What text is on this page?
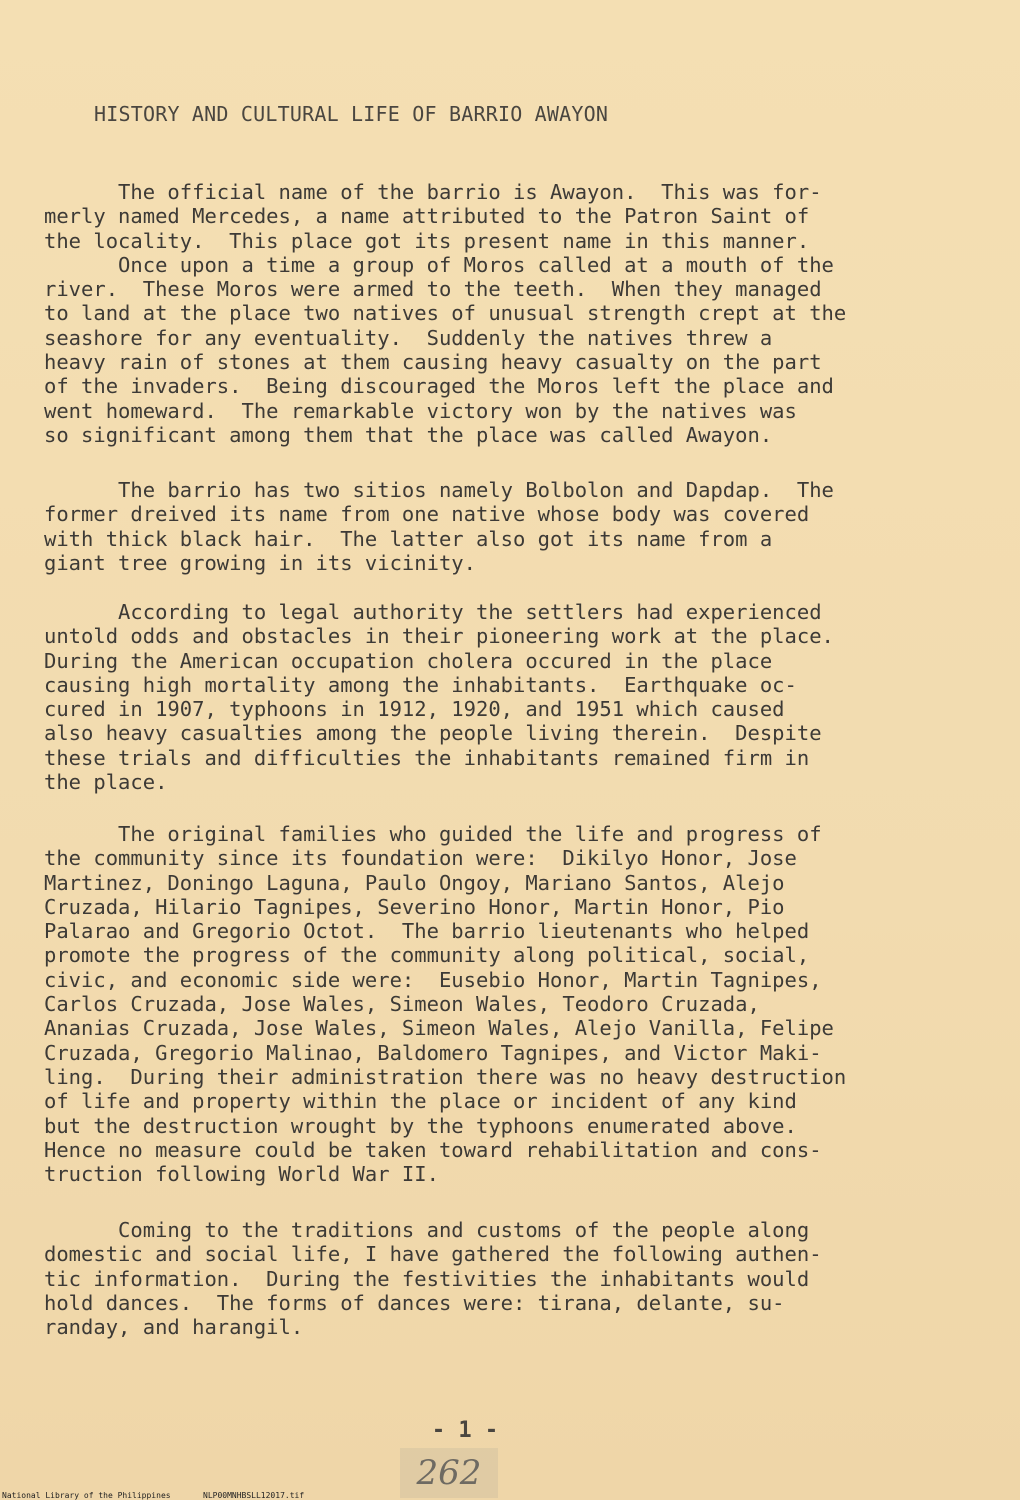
HISTORY AND CULTURAL LIFE OF BARRIO AWAYON
The official name of the barrio is Awayon.  This was for-
merly named Mercedes, a name attributed to the Patron Saint of
the locality.  This place got its present name in this manner.
Once upon a time a group of Moros called at a mouth of the
river.  These Moros were armed to the teeth.  When they managed
to land at the place two natives of unusual strength crept at the
seashore for any eventuality.  Suddenly the natives threw a
heavy rain of stones at them causing heavy casualty on the part
of the invaders.  Being discouraged the Moros left the place and
went homeward.  The remarkable victory won by the natives was
so significant among them that the place was called Awayon.
The barrio has two sitios namely Bolbolon and Dapdap.  The
former dreived its name from one native whose body was covered
with thick black hair.  The latter also got its name from a
giant tree growing in its vicinity.
According to legal authority the settlers had experienced
untold odds and obstacles in their pioneering work at the place.
During the American occupation cholera occured in the place
causing high mortality among the inhabitants.  Earthquake oc-
cured in 1907, typhoons in 1912, 1920, and 1951 which caused
also heavy casualties among the people living therein.  Despite
these trials and difficulties the inhabitants remained firm in
the place.
The original families who guided the life and progress of
the community since its foundation were:  Dikilyo Honor, Jose
Martinez, Doningo Laguna, Paulo Ongoy, Mariano Santos, Alejo
Cruzada, Hilario Tagnipes, Severino Honor, Martin Honor, Pio
Palarao and Gregorio Octot.  The barrio lieutenants who helped
promote the progress of the community along political, social,
civic, and economic side were:  Eusebio Honor, Martin Tagnipes,
Carlos Cruzada, Jose Wales, Simeon Wales, Teodoro Cruzada,
Ananias Cruzada, Jose Wales, Simeon Wales, Alejo Vanilla, Felipe
Cruzada, Gregorio Malinao, Baldomero Tagnipes, and Victor Maki-
ling.  During their administration there was no heavy destruction
of life and property within the place or incident of any kind
but the destruction wrought by the typhoons enumerated above.
Hence no measure could be taken toward rehabilitation and cons-
truction following World War II.
Coming to the traditions and customs of the people along
domestic and social life, I have gathered the following authen-
tic information.  During the festivities the inhabitants would
hold dances.  The forms of dances were: tirana, delante, su-
randay, and harangil.
- 1 -
262
National Library of the Philippines	NLP00MNHBSLL12017.tif
